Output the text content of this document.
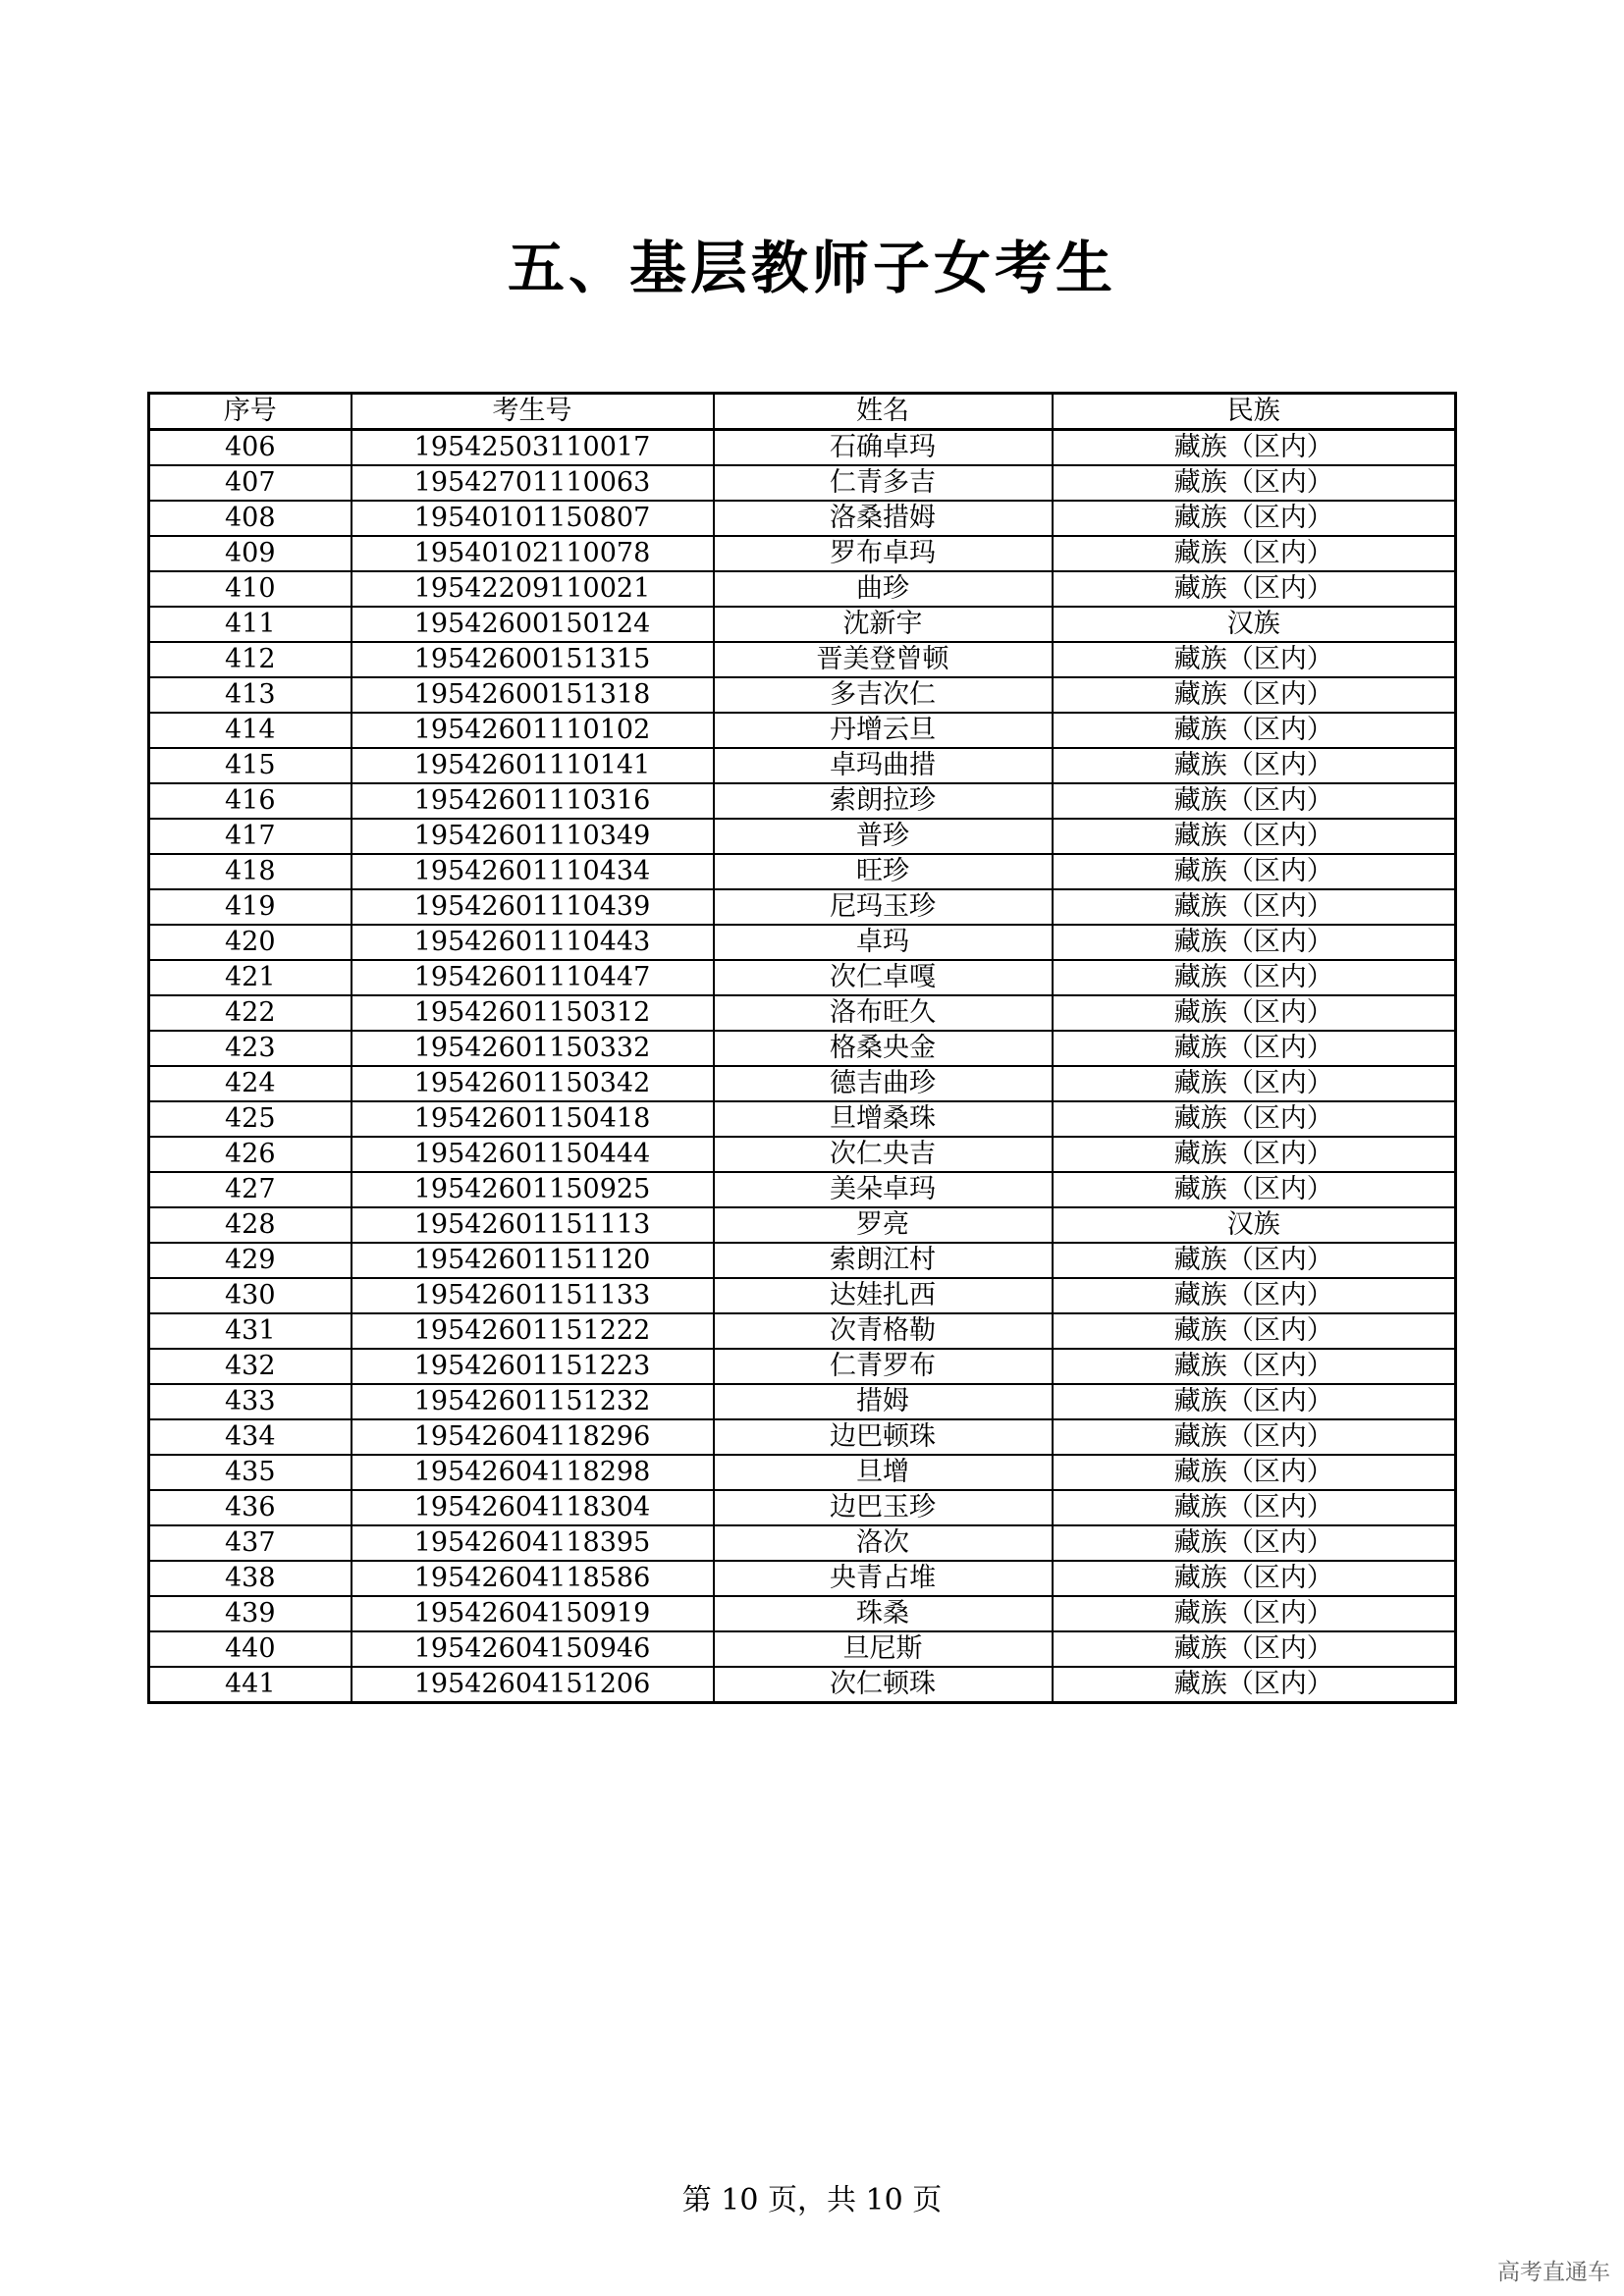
五、基层教师子女考生
序号	考生号	姓名	民族
406	19542503110017	石确卓玛	藏族（区内）
407	19542701110063	仁青多吉	藏族（区内）
408	19540101150807	洛桑措姆	藏族（区内）
409	19540102110078	罗布卓玛	藏族（区内）
410	19542209110021	曲珍	藏族（区内）
411	19542600150124	沈新宇	汉族
412	19542600151315	晋美登曾顿	藏族（区内）
413	19542600151318	多吉次仁	藏族（区内）
414	19542601110102	丹增云旦	藏族（区内）
415	19542601110141	卓玛曲措	藏族（区内）
416	19542601110316	索朗拉珍	藏族（区内）
417	19542601110349	普珍	藏族（区内）
418	19542601110434	旺珍	藏族（区内）
419	19542601110439	尼玛玉珍	藏族（区内）
420	19542601110443	卓玛	藏族（区内）
421	19542601110447	次仁卓嘎	藏族（区内）
422	19542601150312	洛布旺久	藏族（区内）
423	19542601150332	格桑央金	藏族（区内）
424	19542601150342	德吉曲珍	藏族（区内）
425	19542601150418	旦增桑珠	藏族（区内）
426	19542601150444	次仁央吉	藏族（区内）
427	19542601150925	美朵卓玛	藏族（区内）
428	19542601151113	罗亮	汉族
429	19542601151120	索朗江村	藏族（区内）
430	19542601151133	达娃扎西	藏族（区内）
431	19542601151222	次青格勒	藏族（区内）
432	19542601151223	仁青罗布	藏族（区内）
433	19542601151232	措姆	藏族（区内）
434	19542604118296	边巴顿珠	藏族（区内）
435	19542604118298	旦增	藏族（区内）
436	19542604118304	边巴玉珍	藏族（区内）
437	19542604118395	洛次	藏族（区内）
438	19542604118586	央青占堆	藏族（区内）
439	19542604150919	珠桑	藏族（区内）
440	19542604150946	旦尼斯	藏族（区内）
441	19542604151206	次仁顿珠	藏族（区内）
第 10 页，共 10 页
高考直通车
